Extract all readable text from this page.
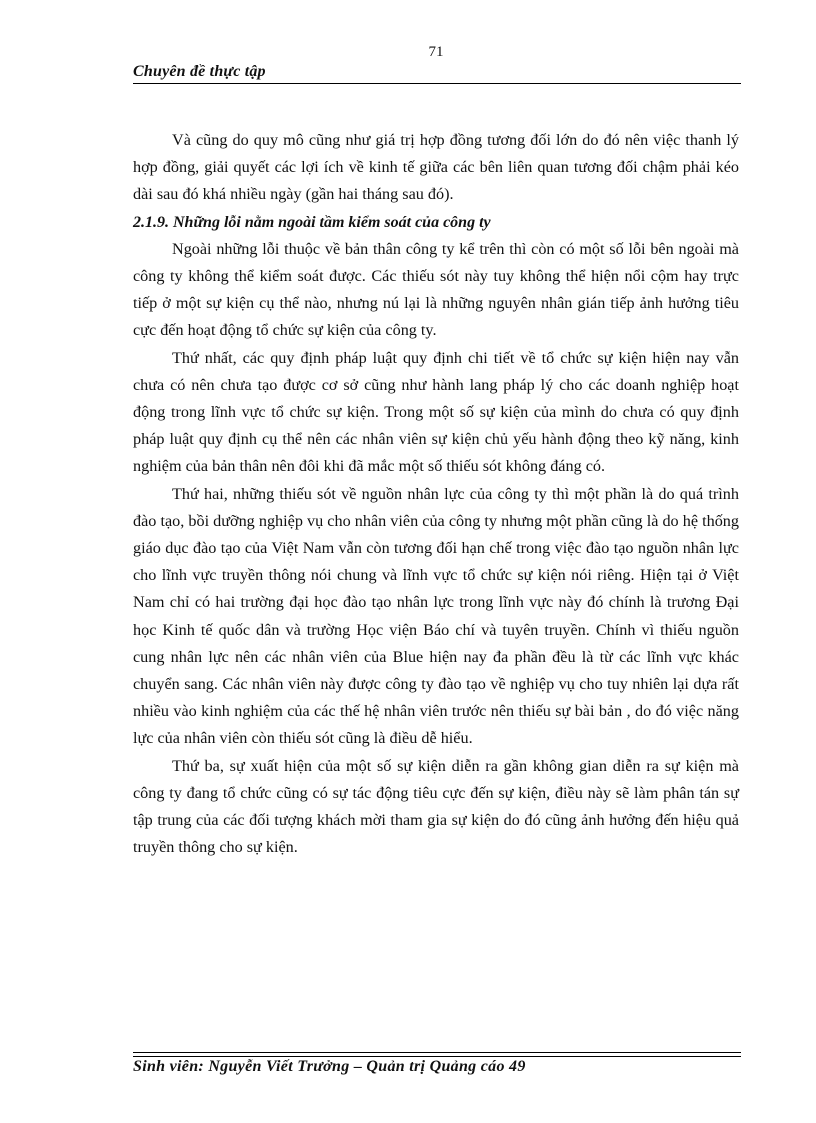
71
Chuyên đề thực tập

Và cũng do quy mô cũng như giá trị hợp đồng tương đối lớn do đó nên việc thanh lý hợp đồng, giải quyết các lợi ích về kinh tế giữa các bên liên quan tương đối chậm phải kéo dài sau đó khá nhiều ngày (gần hai tháng sau đó).

2.1.9. Những lỗi nằm ngoài tầm kiểm soát của công ty

Ngoài những lỗi thuộc về bản thân công ty kể trên thì còn có một số lỗi bên ngoài mà công ty không thể kiểm soát được. Các thiếu sót này tuy không thể hiện nổi cộm hay trực tiếp ở một sự kiện cụ thể nào, nhưng nú lại là những nguyên nhân gián tiếp ảnh hưởng tiêu cực đến hoạt động tổ chức sự kiện của công ty.

Thứ nhất, các quy định pháp luật quy định chi tiết về tổ chức sự kiện hiện nay vẫn chưa có nên chưa tạo được cơ sở cũng như hành lang pháp lý cho các doanh nghiệp hoạt động trong lĩnh vực tổ chức sự kiện. Trong một số sự kiện của mình do chưa có quy định pháp luật quy định cụ thể nên các nhân viên sự kiện chủ yếu hành động theo kỹ năng, kinh nghiệm của bản thân nên đôi khi đã mắc một số thiếu sót không đáng có.

Thứ hai, những thiếu sót về nguồn nhân lực của công ty thì một phần là do quá trình đào tạo, bồi dưỡng nghiệp vụ cho nhân viên của công ty nhưng một phần cũng là do hệ thống giáo dục đào tạo của Việt Nam vẫn còn tương đối hạn chế trong việc đào tạo nguồn nhân lực cho lĩnh vực truyền thông nói chung và lĩnh vực tổ chức sự kiện nói riêng. Hiện tại ở Việt Nam chỉ có hai trường đại học đào tạo nhân lực trong lĩnh vực này đó chính là trương Đại học Kinh tế quốc dân và trường Học viện Báo chí và tuyên truyền. Chính vì thiếu nguồn cung nhân lực nên các nhân viên của Blue hiện nay đa phần đều là từ các lĩnh vực khác chuyển sang. Các nhân viên này được công ty đào tạo về nghiệp vụ cho tuy nhiên lại dựa rất nhiều vào kinh nghiệm của các thế hệ nhân viên trước nên thiếu sự bài bản , do đó việc năng lực của nhân viên còn thiếu sót cũng là điều dễ hiểu.

Thứ ba, sự xuất hiện của một số sự kiện diễn ra gần không gian diễn ra sự kiện mà công ty đang tổ chức cũng có sự tác động tiêu cực đến sự kiện, điều này sẽ làm phân tán sự tập trung của các đối tượng khách mời tham gia sự kiện do đó cũng ảnh hưởng đến hiệu quả truyền thông cho sự kiện.

Sinh viên: Nguyễn Viết Trưởng – Quản trị Quảng cáo 49
